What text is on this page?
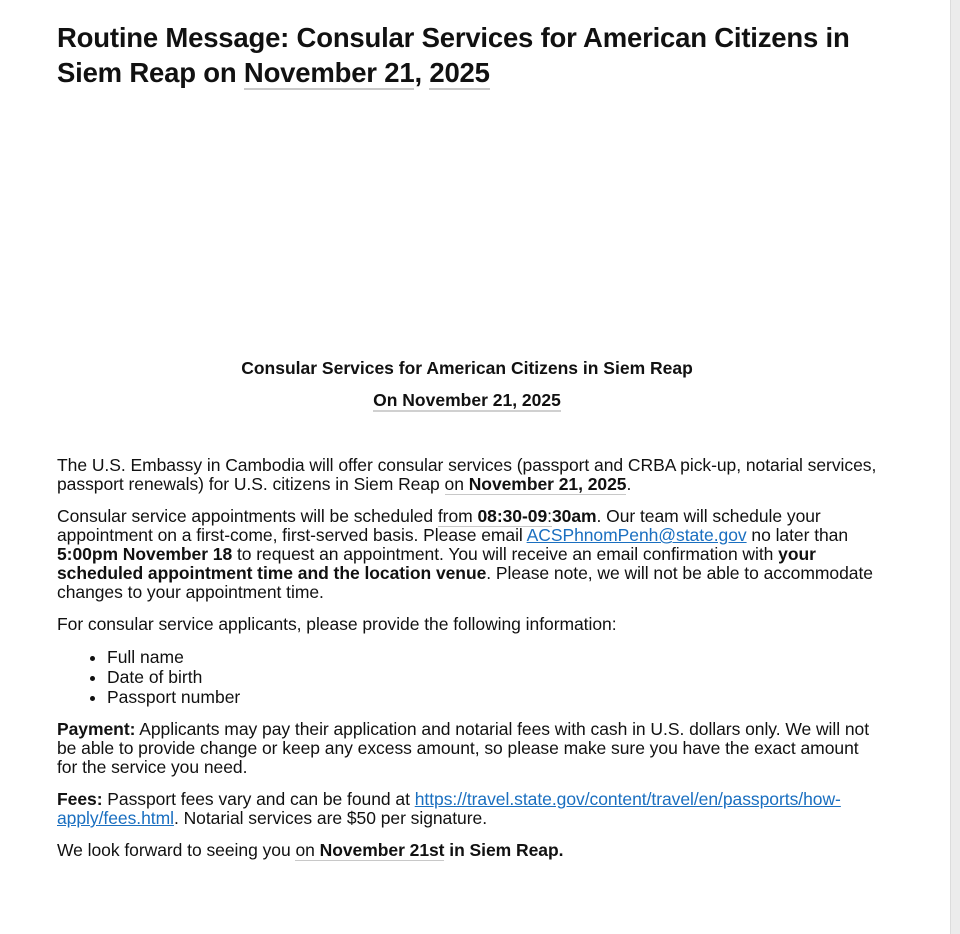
Routine Message: Consular Services for American Citizens in Siem Reap on November 21, 2025

Consular Services for American Citizens in Siem Reap

On November 21, 2025

The U.S. Embassy in Cambodia will offer consular services (passport and CRBA pick-up, notarial services, passport renewals) for U.S. citizens in Siem Reap on November 21, 2025.

Consular service appointments will be scheduled from 08:30-09:30am. Our team will schedule your appointment on a first-come, first-served basis. Please email ACSPhnomPenh@state.gov no later than 5:00pm November 18 to request an appointment. You will receive an email confirmation with your scheduled appointment time and the location venue. Please note, we will not be able to accommodate changes to your appointment time.

For consular service applicants, please provide the following information:

• Full name
• Date of birth
• Passport number

Payment: Applicants may pay their application and notarial fees with cash in U.S. dollars only. We will not be able to provide change or keep any excess amount, so please make sure you have the exact amount for the service you need.

Fees: Passport fees vary and can be found at https://travel.state.gov/content/travel/en/passports/how-apply/fees.html. Notarial services are $50 per signature.

We look forward to seeing you on November 21st in Siem Reap.
